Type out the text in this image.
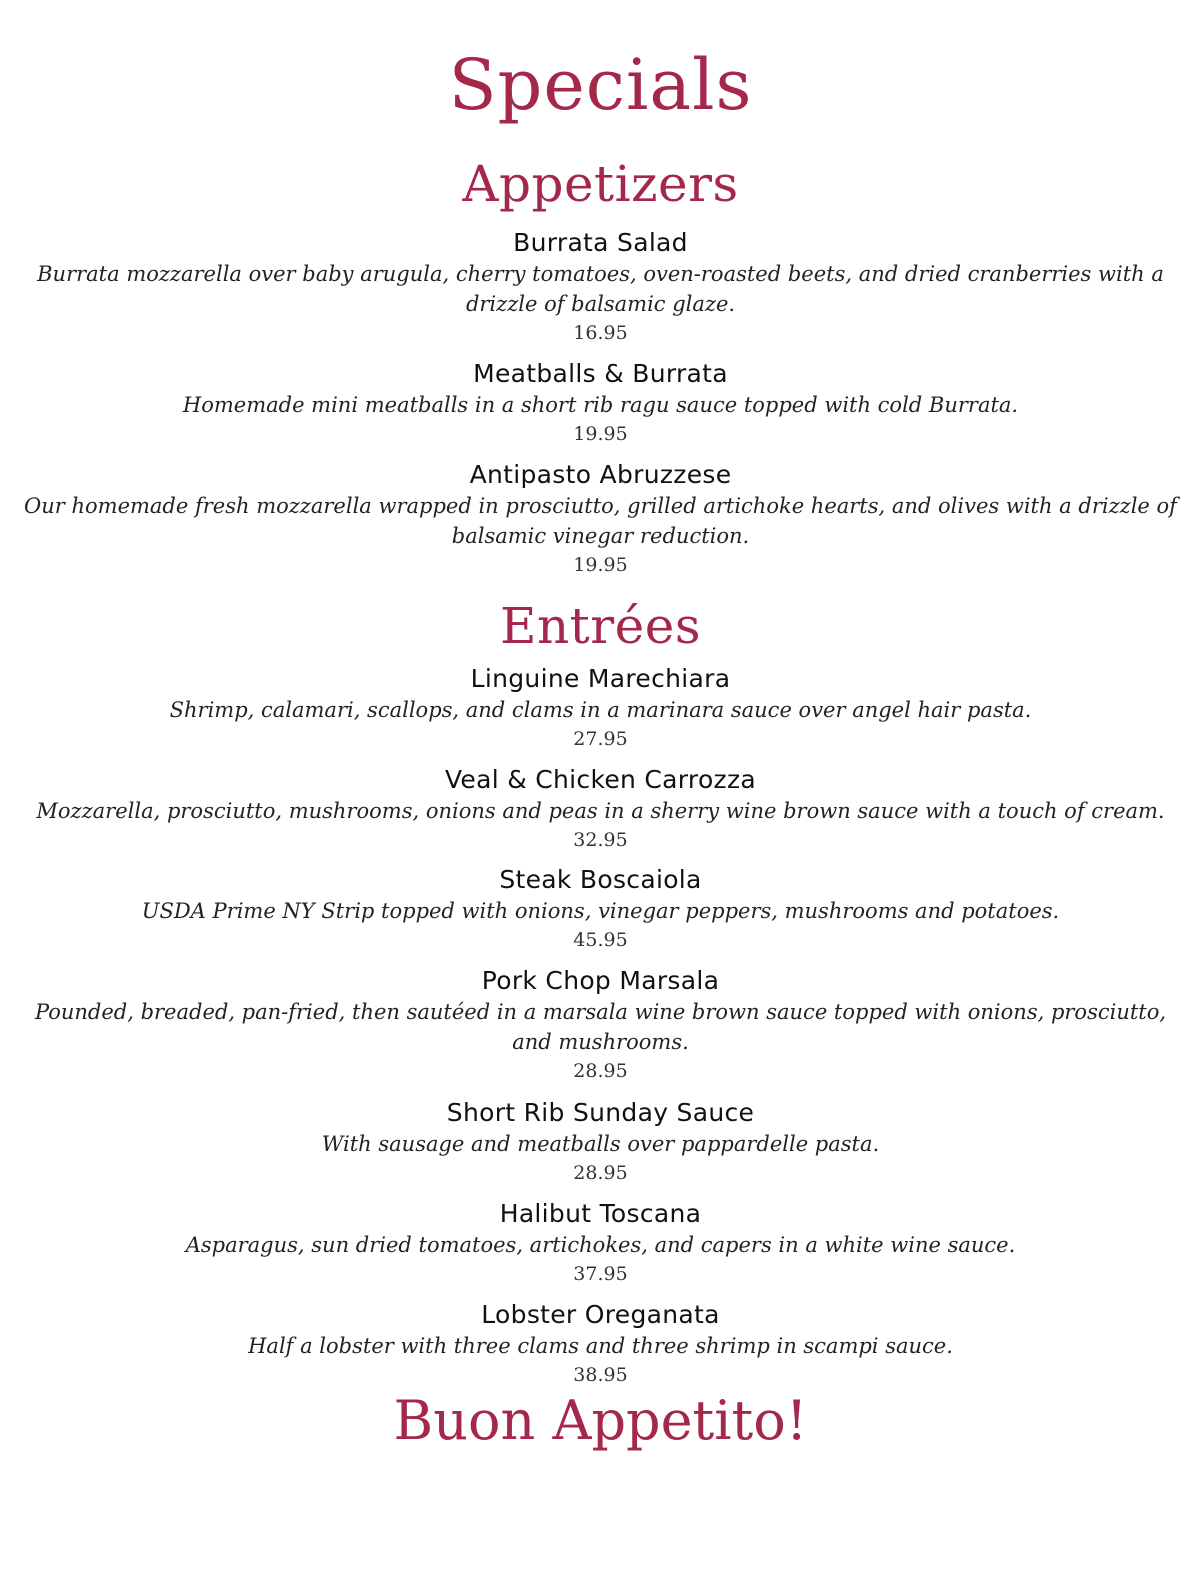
Specials
Appetizers
Burrata Salad
Burrata mozzarella over baby arugula, cherry tomatoes, oven-roasted beets, and dried cranberries with a drizzle of balsamic glaze.
16.95
Meatballs & Burrata
Homemade mini meatballs in a short rib ragu sauce topped with cold Burrata.
19.95
Antipasto Abruzzese
Our homemade fresh mozzarella wrapped in prosciutto, grilled artichoke hearts, and olives with a drizzle of balsamic vinegar reduction.
19.95
Entrées
Linguine Marechiara
Shrimp, calamari, scallops, and clams in a marinara sauce over angel hair pasta.
27.95
Veal & Chicken Carrozza
Mozzarella, prosciutto, mushrooms, onions and peas in a sherry wine brown sauce with a touch of cream.
32.95
Steak Boscaiola
USDA Prime NY Strip topped with onions, vinegar peppers, mushrooms and potatoes.
45.95
Pork Chop Marsala
Pounded, breaded, pan-fried, then sautéed in a marsala wine brown sauce topped with onions, prosciutto, and mushrooms.
28.95
Short Rib Sunday Sauce
With sausage and meatballs over pappardelle pasta.
28.95
Halibut Toscana
Asparagus, sun dried tomatoes, artichokes, and capers in a white wine sauce.
37.95
Lobster Oreganata
Half a lobster with three clams and three shrimp in scampi sauce.
38.95
Buon Appetito!
